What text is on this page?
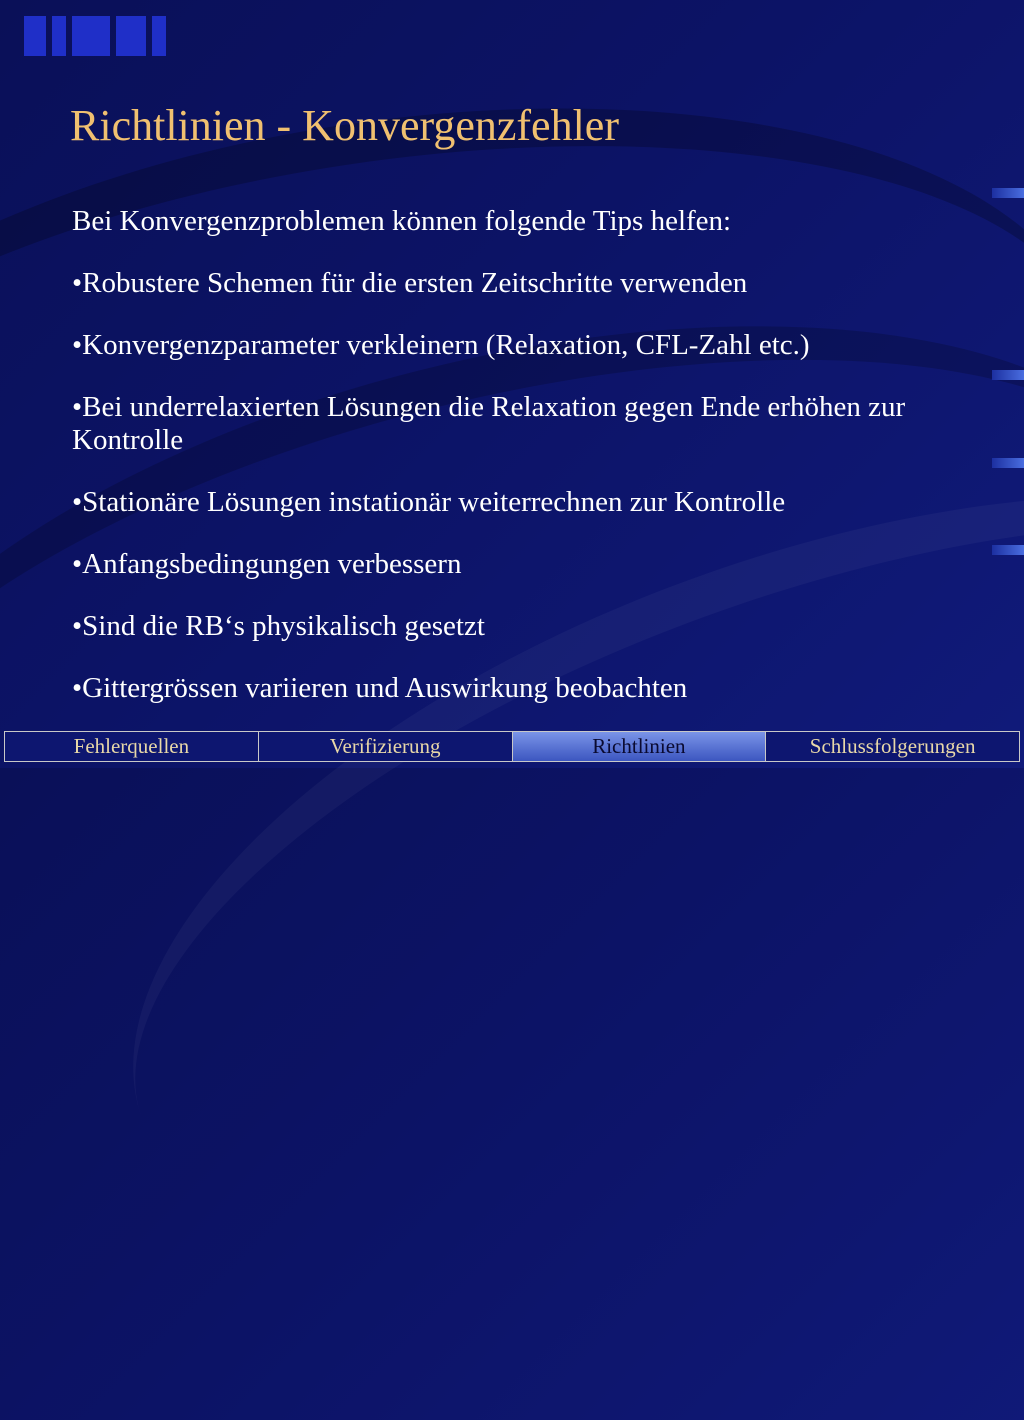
Richtlinien - Konvergenzfehler

Bei Konvergenzproblemen können folgende Tips helfen:

• Robustere Schemen für die ersten Zeitschritte verwenden

• Konvergenzparameter verkleinern (Relaxation, CFL-Zahl etc.)

• Bei underrelaxierten Lösungen die Relaxation gegen Ende erhöhen zur Kontrolle

• Stationäre Lösungen instationär weiterrechnen zur Kontrolle

• Anfangsbedingungen verbessern

• Sind die RB‘s physikalisch gesetzt

• Gittergrössen variieren und Auswirkung beobachten

Fehlerquellen	Verifizierung	Richtlinien	Schlussfolgerungen
